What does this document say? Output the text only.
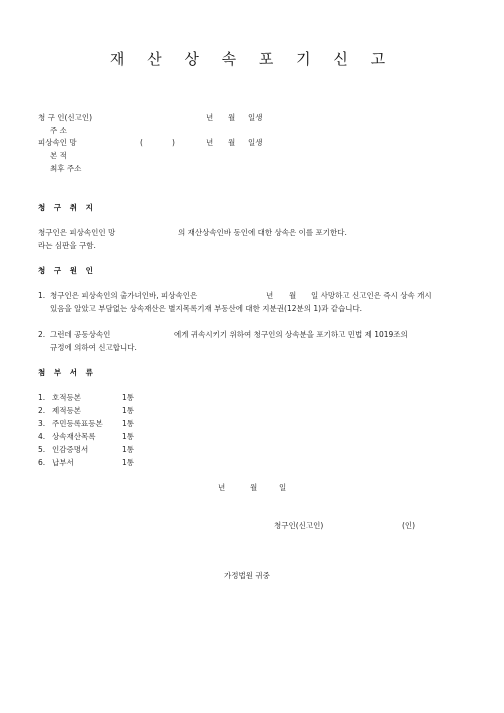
재 산 상 속 포 기 신 고
청 구 인(신고인)	년 월 일생
주 소
피상속인 망	(	)	년 월 일생
본 적
최후 주소
청 구 취 지
청구인은 피상속인인 망	의 재산상속인바 동인에 대한 상속은 이를 포기한다.
라는 심판을 구함.
청 구 원 인
1. 청구인은 피상속인의 출가녀인바, 피상속인은	년 월 일 사망하고 신고인은 즉시 상속 개시
있음을 알았고 부담없는 상속재산은 별지목록기재 부동산에 대한 지분권(12분의 1)과 같습니다.
2. 그런데 공동상속인	에게 귀속시키기 위하여 청구인의 상속분을 포기하고 민법 제 1019조의
규정에 의하여 신고합니다.
첨 부 서 류
1. 호적등본	1통
2. 제적등본	1통
3. 주민등록표등본	1통
4. 상속재산목록	1통
5. 인감증명서	1통
6. 납부서	1통
년	월	일
청구인(신고인)	(인)
가정법원 귀중
